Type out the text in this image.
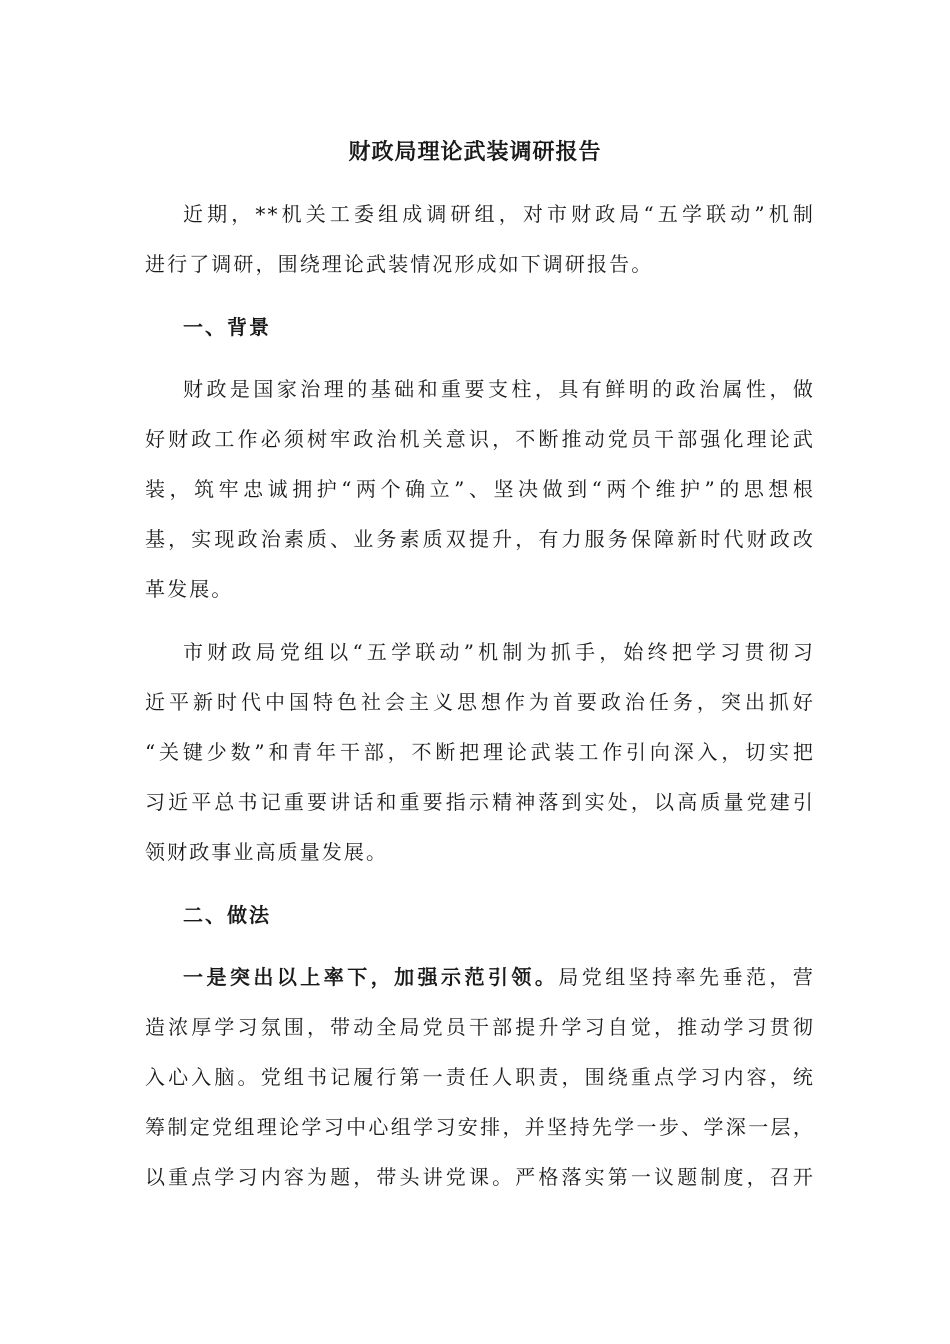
财政局理论武装调研报告
近期，**机关工委组成调研组，对市财政局“五学联动”机制
进行了调研，围绕理论武装情况形成如下调研报告。
一、背景
财政是国家治理的基础和重要支柱，具有鲜明的政治属性，做
好财政工作必须树牢政治机关意识，不断推动党员干部强化理论武
装，筑牢忠诚拥护“两个确立”、坚决做到“两个维护”的思想根
基，实现政治素质、业务素质双提升，有力服务保障新时代财政改
革发展。
市财政局党组以“五学联动”机制为抓手，始终把学习贯彻习
近平新时代中国特色社会主义思想作为首要政治任务，突出抓好
“关键少数”和青年干部，不断把理论武装工作引向深入，切实把
习近平总书记重要讲话和重要指示精神落到实处，以高质量党建引
领财政事业高质量发展。
二、做法
一是突出以上率下，加强示范引领。局党组坚持率先垂范，营
造浓厚学习氛围，带动全局党员干部提升学习自觉，推动学习贯彻
入心入脑。党组书记履行第一责任人职责，围绕重点学习内容，统
筹制定党组理论学习中心组学习安排，并坚持先学一步、学深一层，
以重点学习内容为题，带头讲党课。严格落实第一议题制度，召开
